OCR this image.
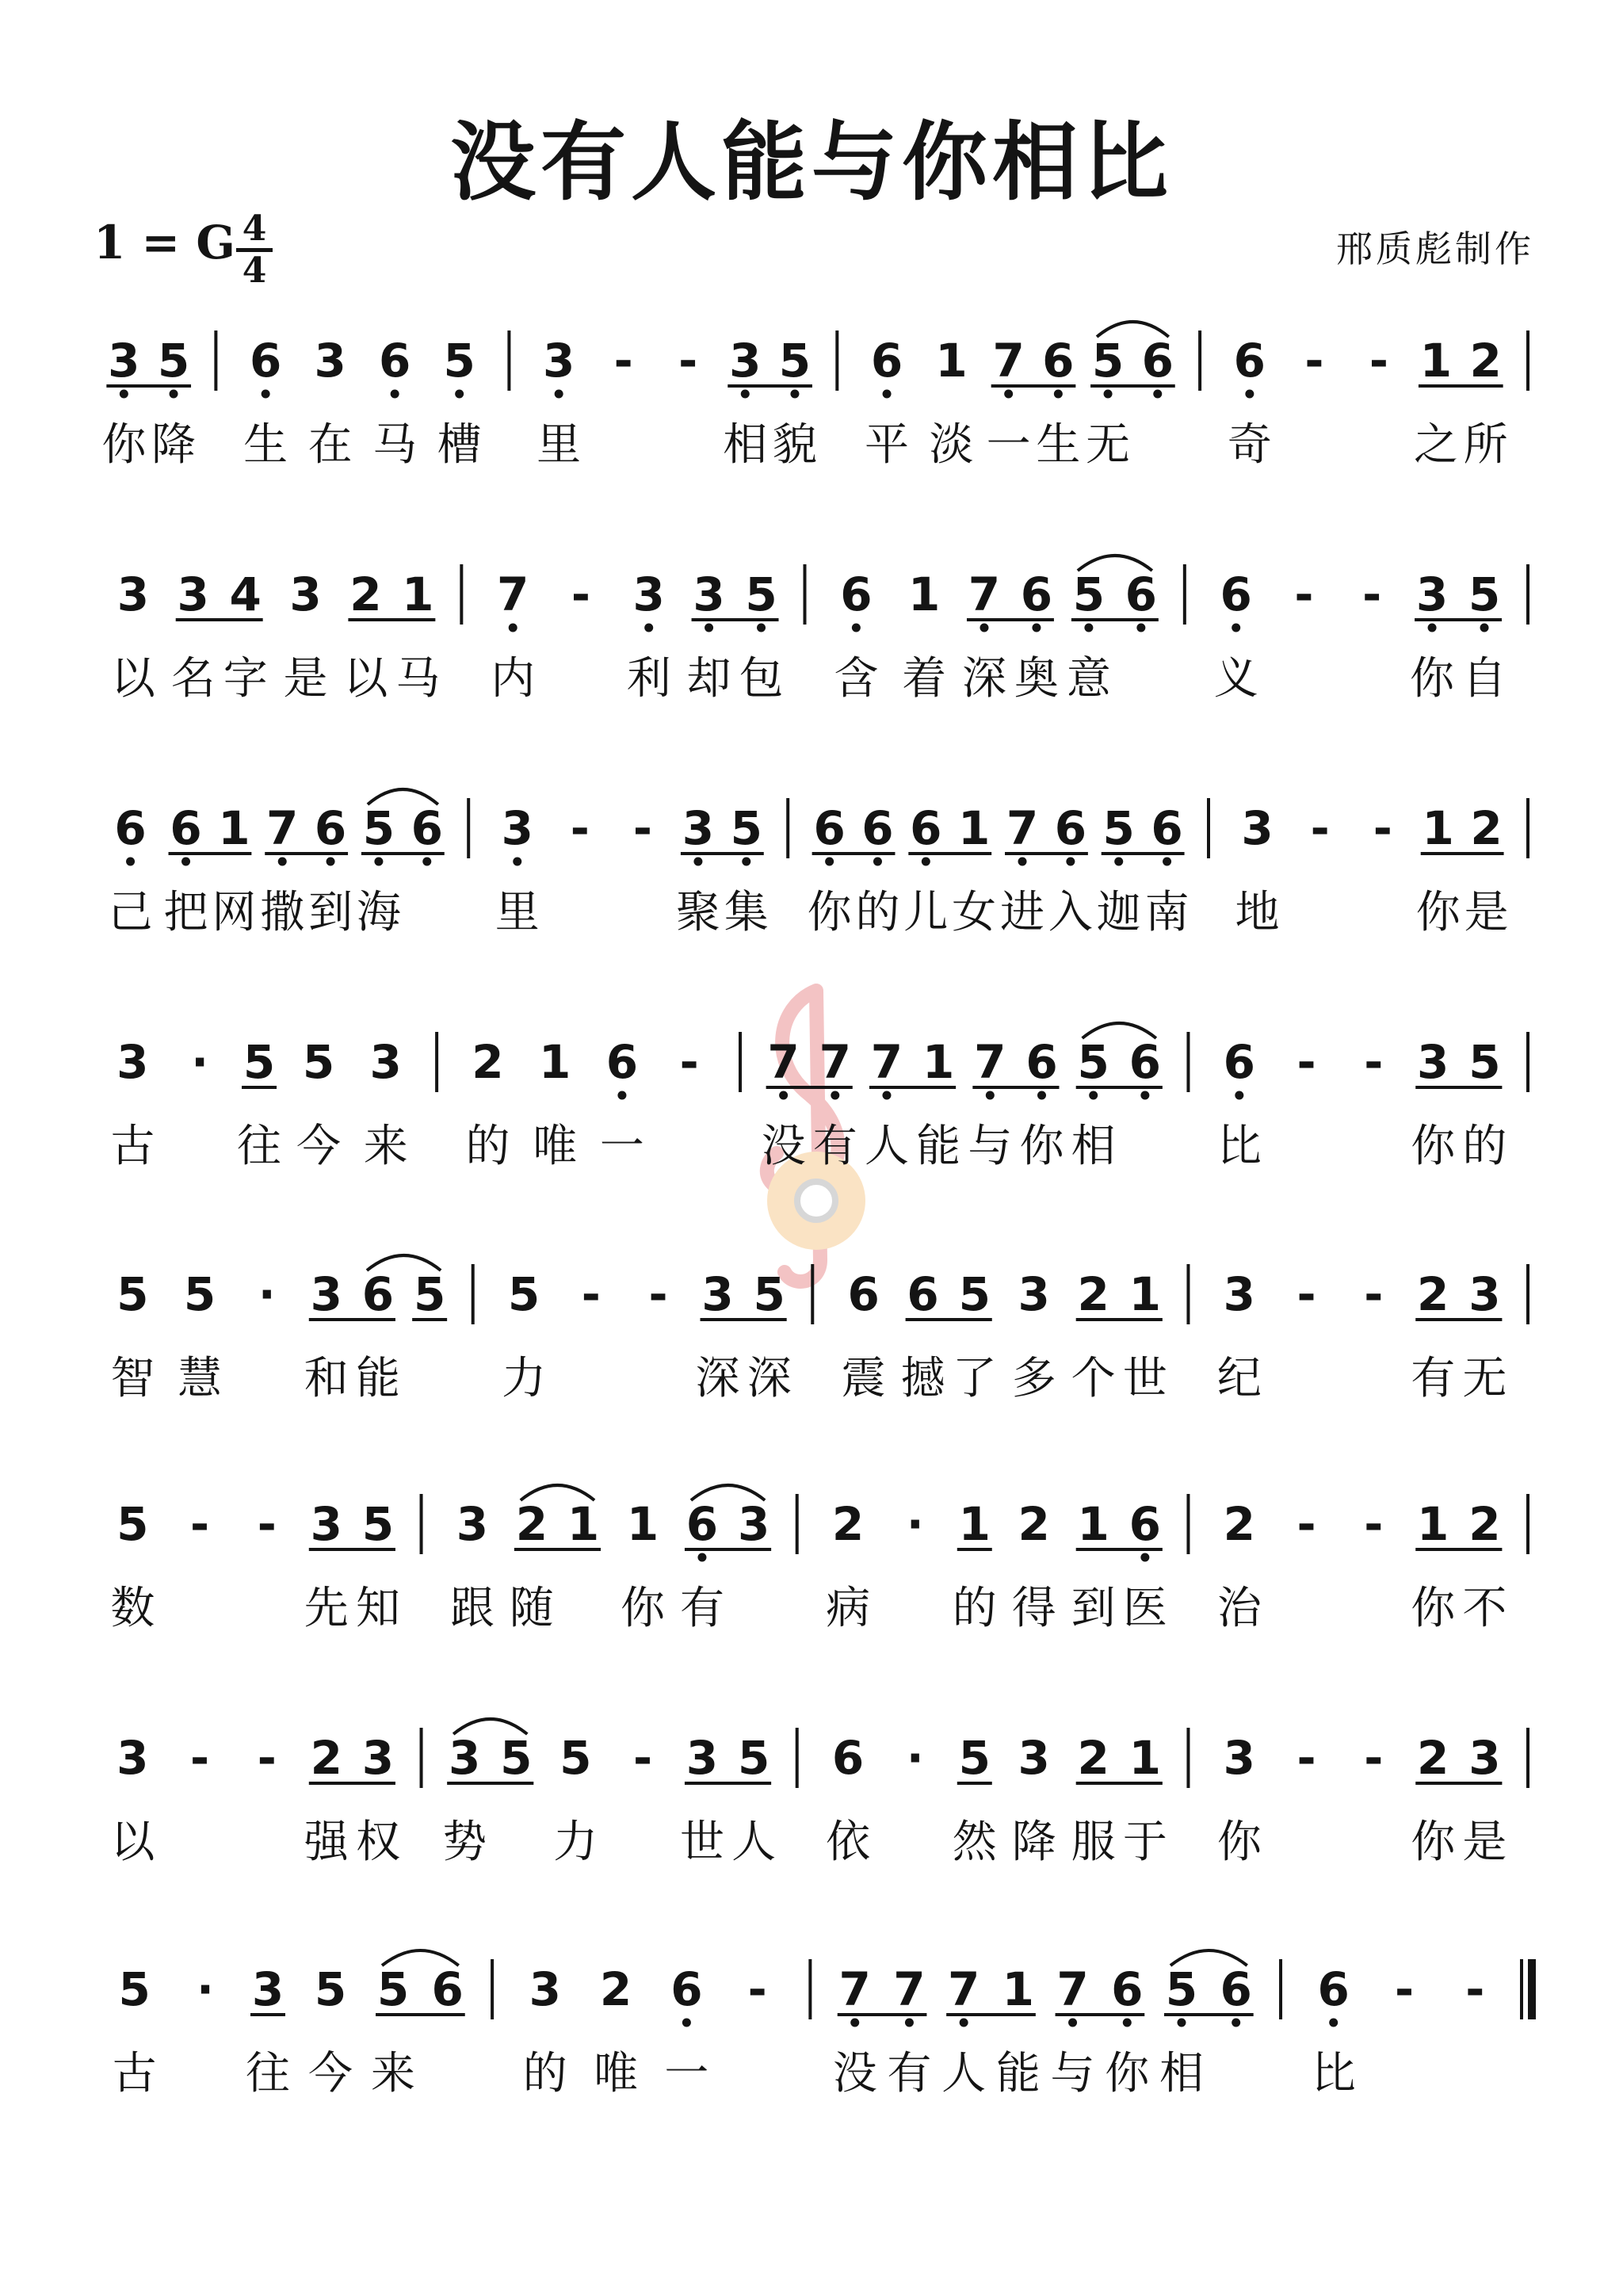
没有人能与你相比
1 = G 4
4
邢质彪制作
3
你
5
降
6
生
3
在
6
马
5
槽
3
里
- - 3
相
5
貌
6
平
1
淡
7
一
6
生
5
无
6 6
奇
- - 1
之
2
所
3
以
3
名
4
字
3
是
2
以
1
马
7
内
- 3
利
3
却
5
包
6
含
1
着
7
深
6
奥
5
意
6 6
义
- - 3
你
5
自
6
己
6
把
1
网
7
撒
6
到
5
海
6 3
里
- - 3
聚
5
集
6
你
6
的
6
儿
1
女
7
进
6
入
5
迦
6
南
3
地
- - 1
你
2
是
3
古
· 5
往
5
今
3
来
2
的
1
唯
6
一
- 7
没
7
有
7
人
1
能
7
与
6
你
5
相
6 6
比
- - 3
你
5
的
5
智
5
慧
· 3
和
6
能
5 5
力
- - 3
深
5
深
6
震
6
撼
5
了
3
多
2
个
1
世
3
纪
- - 2
有
3
无
5
数
- - 3
先
5
知
3
跟
2
随
1 1
你
6
有
3 2
病
· 1
的
2
得
1
到
6
医
2
治
- - 1
你
2
不
3
以
- - 2
强
3
权
3
势
5 5
力
- 3
世
5
人
6
依
· 5
然
3
降
2
服
1
于
3
你
- - 2
你
3
是
5
古
· 3
往
5
今
5
来
6 3
的
2
唯
6
一
- 7
没
7
有
7
人
1
能
7
与
6
你
5
相
6 6
比
- -
